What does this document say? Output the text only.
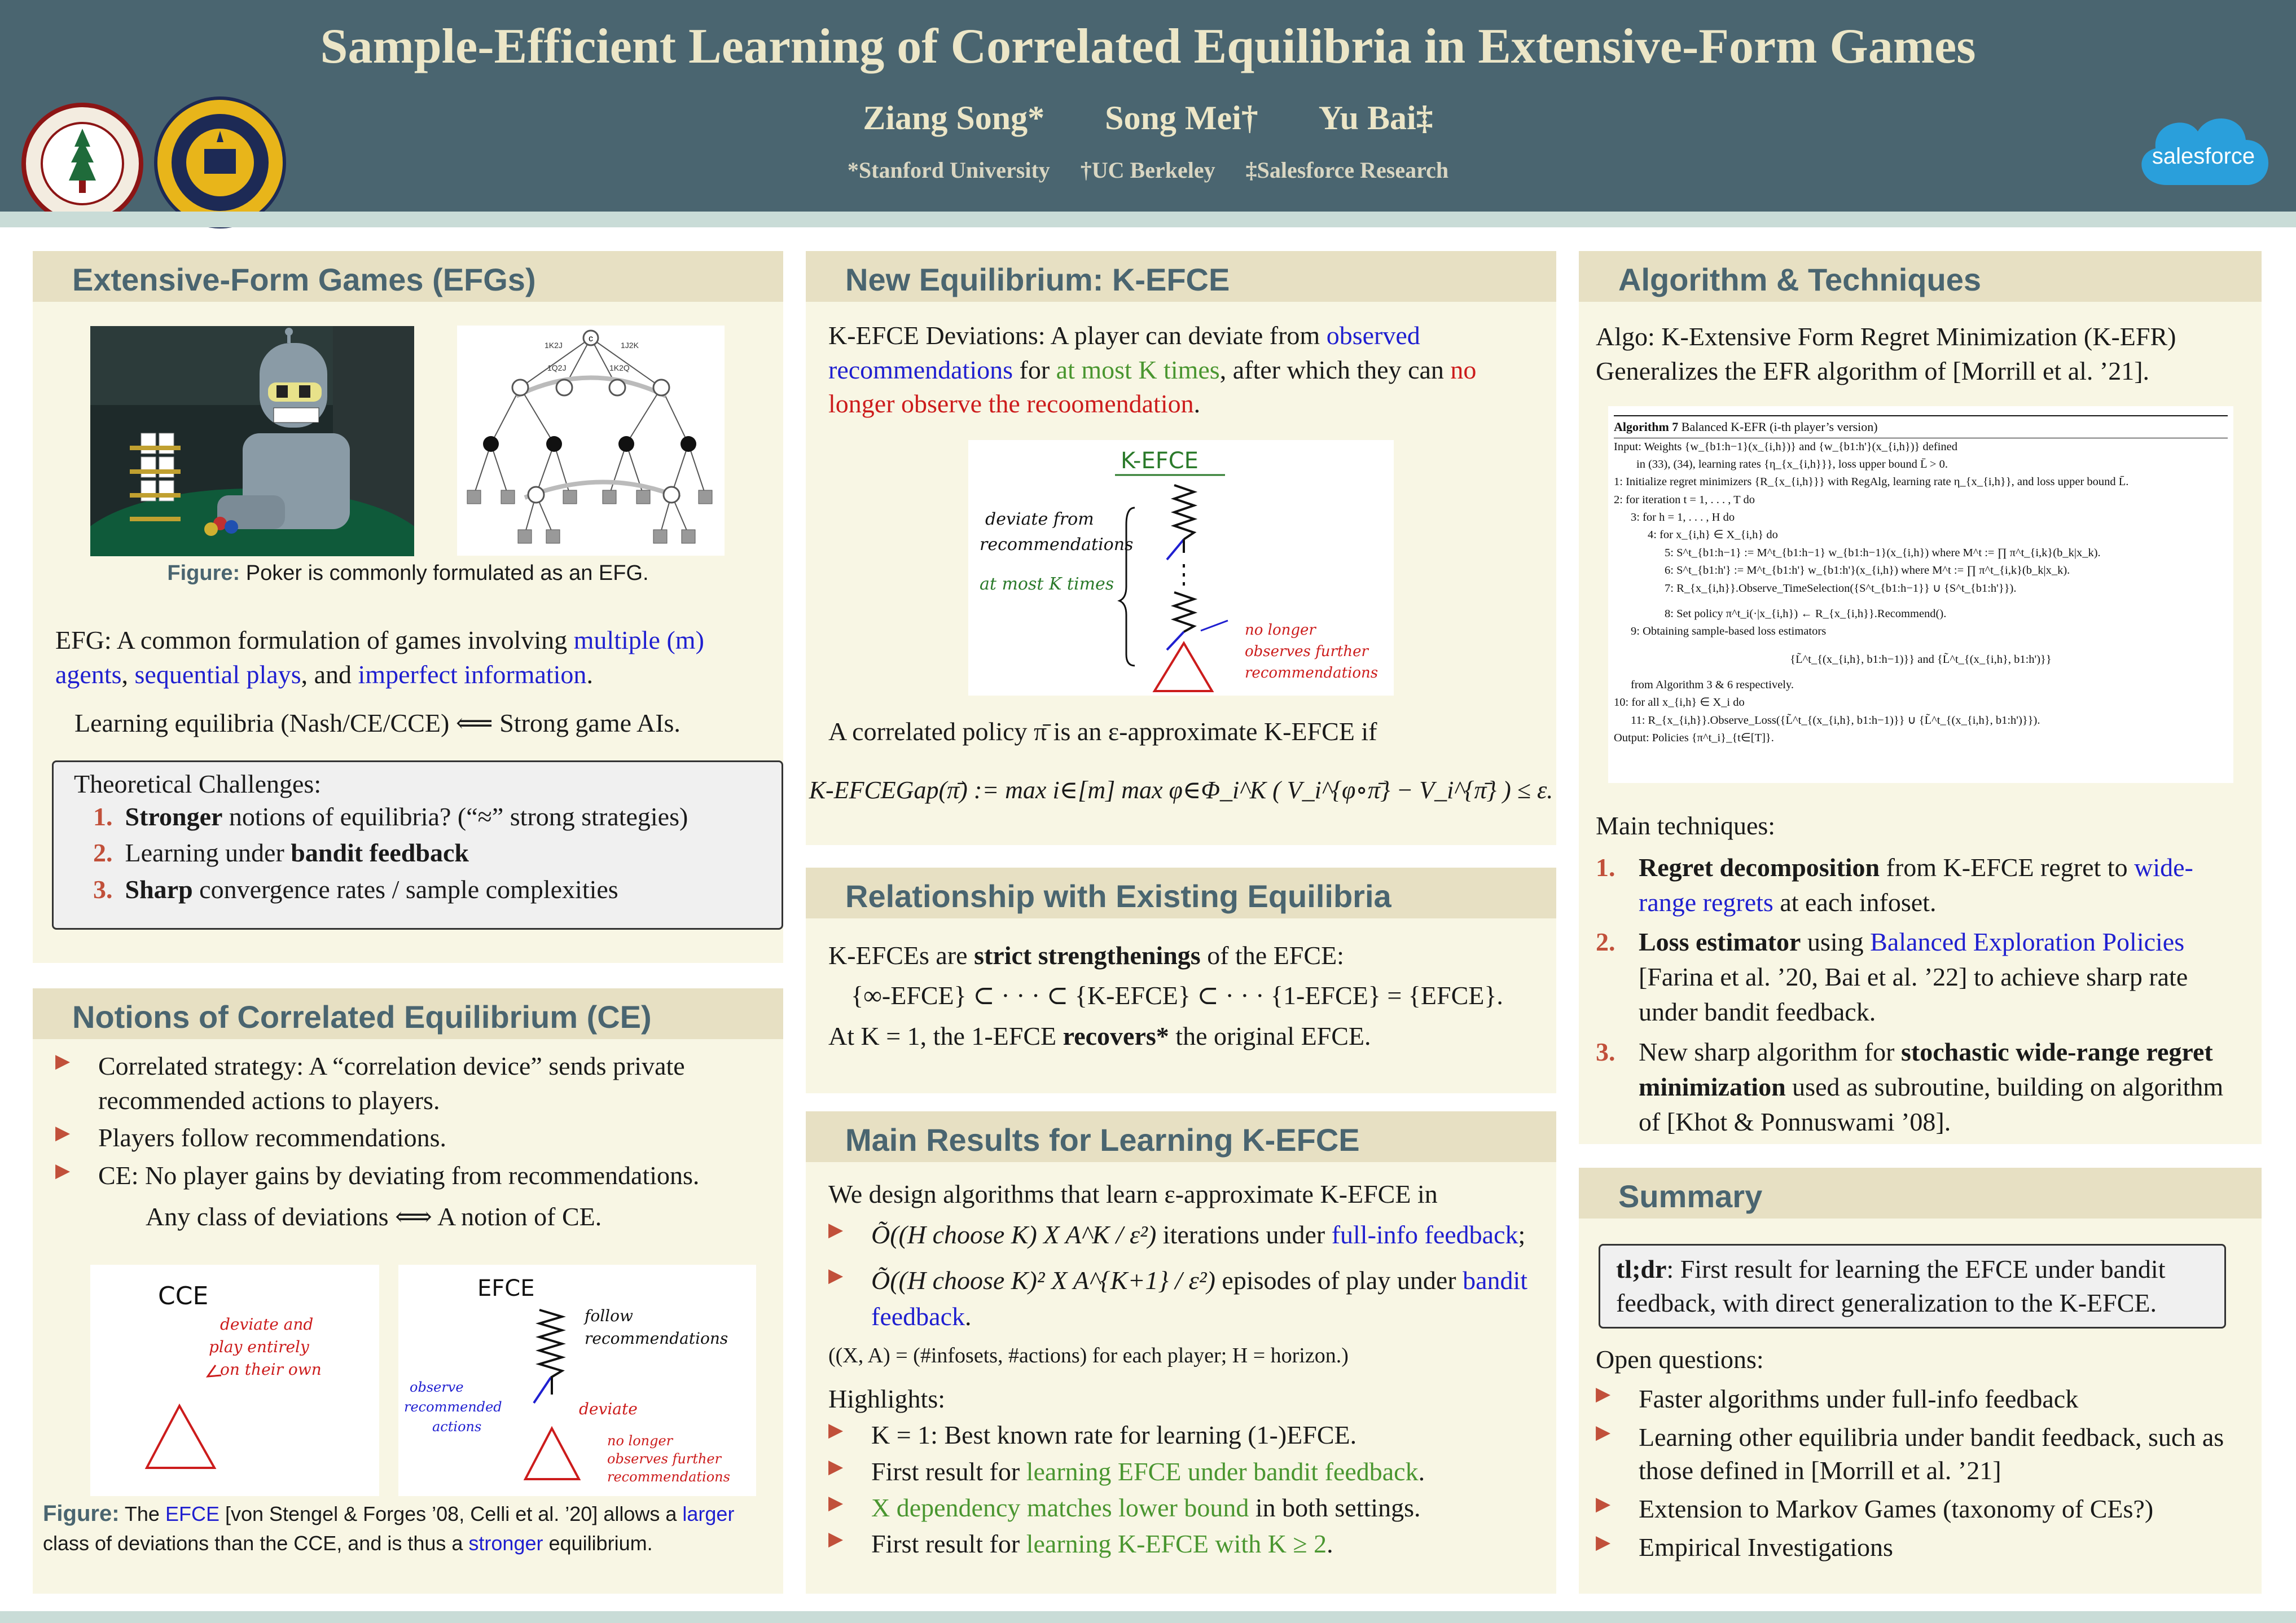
Sample-Efficient Learning of Correlated Equilibria in Extensive-Form Games
Ziang Song* Song Mei† Yu Bai‡
*Stanford University †UC Berkeley ‡Salesforce Research
salesforce
Extensive-Form Games (EFGs)
c
1K2J	1J2K
1Q2J	1K2Q
Figure: Poker is commonly formulated as an EFG.
EFG: A common formulation of games involving multiple (m) agents, sequential plays, and imperfect information.
Learning equilibria (Nash/CE/CCE) ⟸ Strong game AIs.
Theoretical Challenges:
1. Stronger notions of equilibria? (“≈” strong strategies)
2. Learning under bandit feedback
3. Sharp convergence rates / sample complexities
Notions of Correlated Equilibrium (CE)
▶ Correlated strategy: A “correlation device” sends private recommended actions to players.
▶ Players follow recommendations.
▶ CE: No player gains by deviating from recommendations.
Any class of deviations ⟺ A notion of CE.
CCE
deviate and
play entirely
on their own
EFCE
follow
recommendations
observe
recommended
actions
deviate
no longer
observes further
recommendations
Figure: The EFCE [von Stengel & Forges ’08, Celli et al. ’20] allows a larger class of deviations than the CCE, and is thus a stronger equilibrium.
New Equilibrium: K-EFCE
K-EFCE Deviations: A player can deviate from observed recommendations for at most K times, after which they can no longer observe the recoomendation.
K-EFCE
deviate from
recommendations
at most K times
no longer
observes further
recommendations
A correlated policy π̄ is an ε-approximate K-EFCE if
K-EFCEGap(π̄) := max i∈[m] max φ∈Φ_i^K ( V_i^{φ∘π̄} − V_i^{π̄} ) ≤ ε.
Relationship with Existing Equilibria
K-EFCEs are strict strengthenings of the EFCE:
{∞-EFCE} ⊂ · · · ⊂ {K-EFCE} ⊂ · · · {1-EFCE} = {EFCE}.
At K = 1, the 1-EFCE recovers* the original EFCE.
Main Results for Learning K-EFCE
We design algorithms that learn ε-approximate K-EFCE in
▶ Õ((H choose K) X A^K / ε²) iterations under full-info feedback;
▶ Õ((H choose K)² X A^{K+1} / ε²) episodes of play under bandit feedback.
((X, A) = (#infosets, #actions) for each player; H = horizon.)
Highlights:
▶ K = 1: Best known rate for learning (1-)EFCE.
▶ First result for learning EFCE under bandit feedback.
▶ X dependency matches lower bound in both settings.
▶ First result for learning K-EFCE with K ≥ 2.
Algorithm & Techniques
Algo: K-Extensive Form Regret Minimization (K-EFR)
Generalizes the EFR algorithm of [Morrill et al. ’21].
Algorithm 7 Balanced K-EFR (i-th player’s version)
Input: Weights {w_{b1:h−1}(x_{i,h})} and {w_{b1:h'}(x_{i,h})} defined
in (33), (34), learning rates {η_{x_{i,h}}}, loss upper bound L̄ > 0.
1: Initialize regret minimizers {R_{x_{i,h}}} with RegAlg, learning rate η_{x_{i,h}}, and loss upper bound L̄.
2: for iteration t = 1, . . . , T do
3: for h = 1, . . . , H do
4: for x_{i,h} ∈ X_{i,h} do
5: S^t_{b1:h−1} := M^t_{b1:h−1} w_{b1:h−1}(x_{i,h}) where M^t := ∏ π^t_{i,k}(b_k|x_k).
6: S^t_{b1:h'} := M^t_{b1:h'} w_{b1:h'}(x_{i,h}) where M^t := ∏ π^t_{i,k}(b_k|x_k).
7: R_{x_{i,h}}.Observe_TimeSelection({S^t_{b1:h−1}} ∪ {S^t_{b1:h'}}).
8: Set policy π^t_i(·|x_{i,h}) ← R_{x_{i,h}}.Recommend().
9: Obtaining sample-based loss estimators
{L̃^t_{(x_{i,h}, b1:h−1)}} and {L̃^t_{(x_{i,h}, b1:h')}}
from Algorithm 3 & 6 respectively.
10: for all x_{i,h} ∈ X_i do
11: R_{x_{i,h}}.Observe_Loss({L̃^t_{(x_{i,h}, b1:h−1)}} ∪ {L̃^t_{(x_{i,h}, b1:h')}}).
Output: Policies {π^t_i}_{t∈[T]}.
Main techniques:
1. Regret decomposition from K-EFCE regret to wide-range regrets at each infoset.
2. Loss estimator using Balanced Exploration Policies [Farina et al. ’20, Bai et al. ’22] to achieve sharp rate under bandit feedback.
3. New sharp algorithm for stochastic wide-range regret minimization used as subroutine, building on algorithm of [Khot & Ponnuswami ’08].
Summary
tl;dr: First result for learning the EFCE under bandit feedback, with direct generalization to the K-EFCE.
Open questions:
▶ Faster algorithms under full-info feedback
▶ Learning other equilibria under bandit feedback, such as those defined in [Morrill et al. ’21]
▶ Extension to Markov Games (taxonomy of CEs?)
▶ Empirical Investigations
